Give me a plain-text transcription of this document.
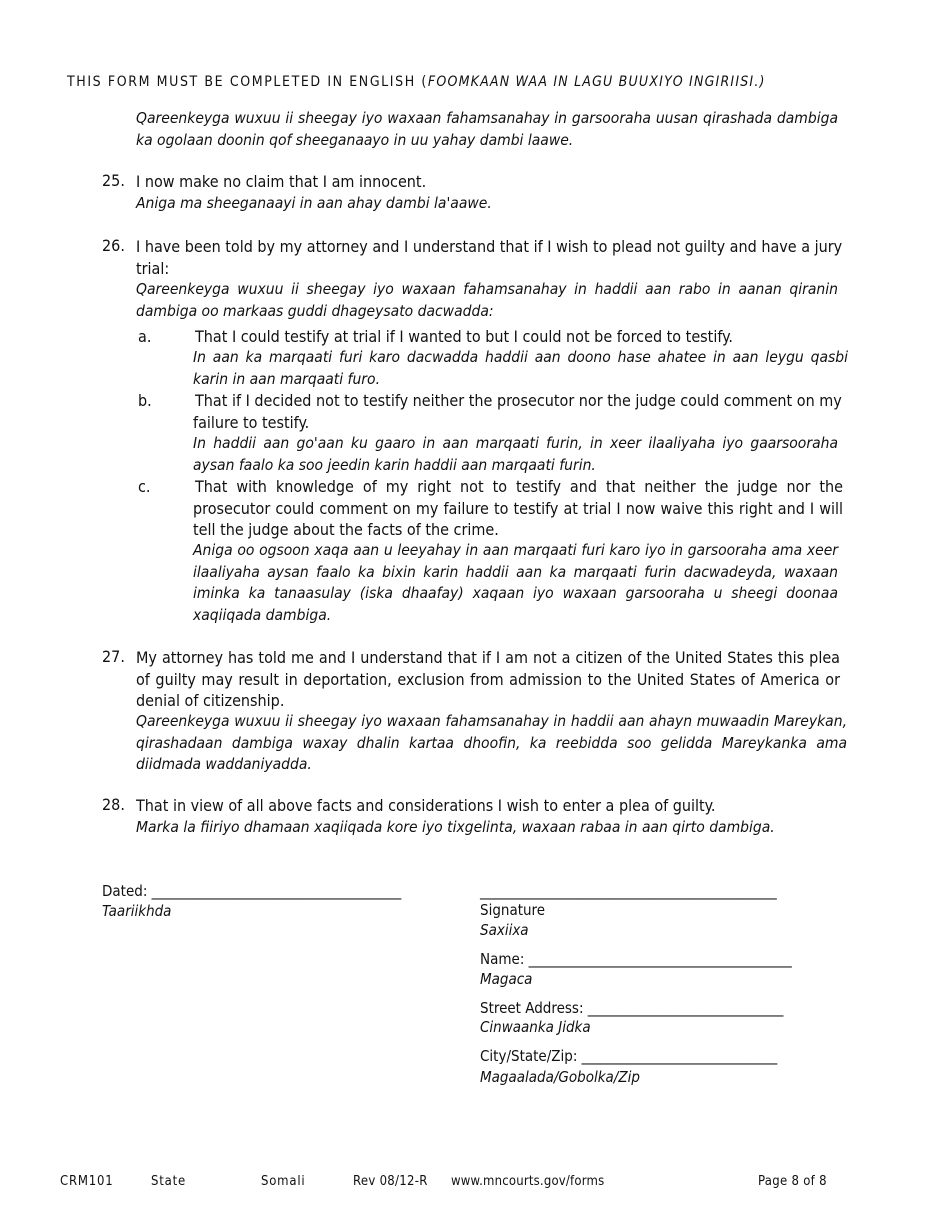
THIS FORM MUST BE COMPLETED IN ENGLISH (FOOMKAAN WAA IN LAGU BUUXIYO INGIRIISI.)
Qareenkeyga wuxuu ii sheegay iyo waxaan fahamsanahay in garsooraha uusan qirashada dambiga ka ogolaan doonin qof sheeganaayo in uu yahay dambi laawe.
25. I now make no claim that I am innocent.
Aniga ma sheeganaayi in aan ahay dambi la'aawe.
26. I have been told by my attorney and I understand that if I wish to plead not guilty and have a jury trial:
Qareenkeyga wuxuu ii sheegay iyo waxaan fahamsanahay in haddii aan rabo in aanan qiranin dambiga oo markaas guddi dhageysato dacwadda:
a.	That I could testify at trial if I wanted to but I could not be forced to testify.
In aan ka marqaati furi karo dacwadda haddii aan doono hase ahatee in aan leygu qasbi karin in aan marqaati furo.
b.	That if I decided not to testify neither the prosecutor nor the judge could comment on my failure to testify.
In haddii aan go'aan ku gaaro in aan marqaati furin, in xeer ilaaliyaha iyo gaarsooraha aysan faalo ka soo jeedin karin haddii aan marqaati furin.
c.	That with knowledge of my right not to testify and that neither the judge nor the prosecutor could comment on my failure to testify at trial I now waive this right and I will tell the judge about the facts of the crime.
Aniga oo ogsoon xaqa aan u leeyahay in aan marqaati furi karo iyo in garsooraha ama xeer ilaaliyaha aysan faalo ka bixin karin haddii aan ka marqaati furin dacwadeyda, waxaan iminka ka tanaasulay (iska dhaafay) xaqaan iyo waxaan garsooraha u sheegi doonaa xaqiiqada dambiga.
27. My attorney has told me and I understand that if I am not a citizen of the United States this plea of guilty may result in deportation, exclusion from admission to the United States of America or denial of citizenship.
Qareenkeyga wuxuu ii sheegay iyo waxaan fahamsanahay in haddii aan ahayn muwaadin Mareykan, qirashadaan dambiga waxay dhalin kartaa dhoofin, ka reebidda soo gelidda Mareykanka ama diidmada waddaniyadda.
28. That in view of all above facts and considerations I wish to enter a plea of guilty.
Marka la fiiriyo dhamaan xaqiiqada kore iyo tixgelinta, waxaan rabaa in aan qirto dambiga.
Dated: _____________________________________
Taariikhda
____________________________________________
Signature
Saxiixa
Name: _______________________________________
Magaca
Street Address: _____________________________
Cinwaanka Jidka
City/State/Zip: _____________________________
Magaalada/Gobolka/Zip
CRM101	State	Somali	Rev 08/12-R www.mncourts.gov/forms	Page 8 of 8
